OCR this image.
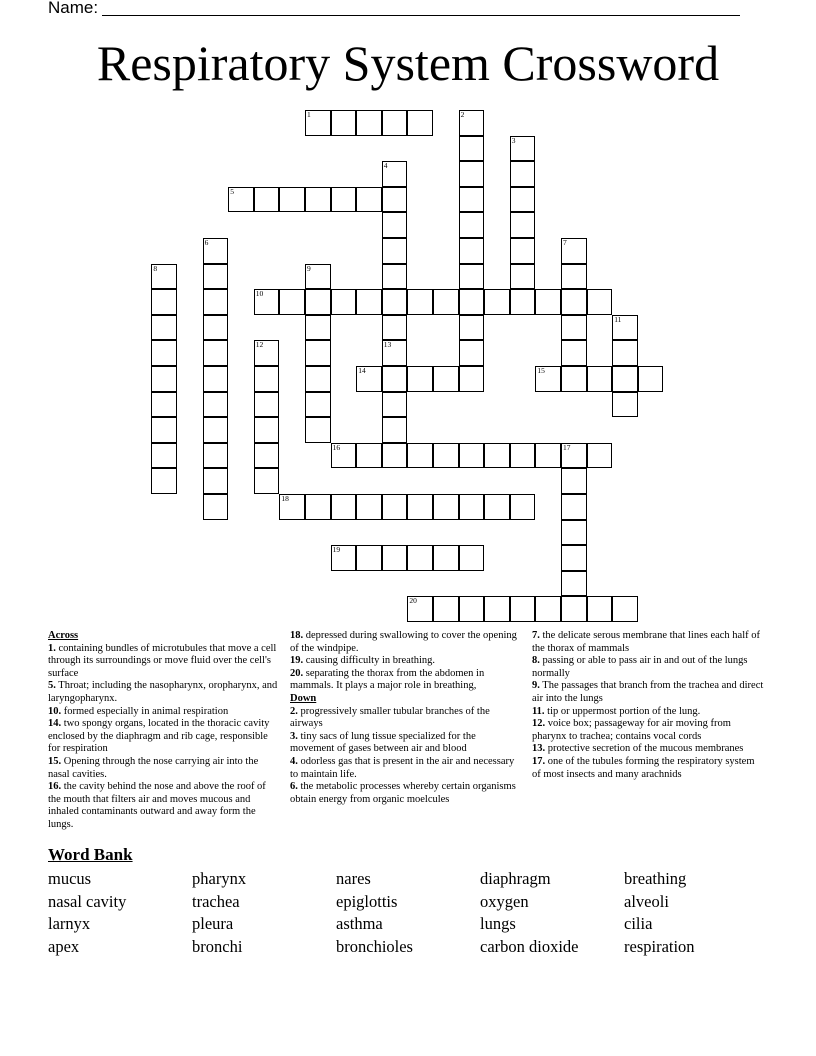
Name:
Respiratory System Crossword
1	2
3
4
13
5
6	7
8	9
10
11
12
14	15
16	17
18
19
20

Across

1. containing bundles of microtubules that move a cell through its surroundings or move fluid over the cell's surface

5. Throat; including the nasopharynx, oropharynx, and laryngopharynx.

10. formed especially in animal respiration

14. two spongy organs, located in the thoracic cavity enclosed by the diaphragm and rib cage, responsible for respiration

15. Opening through the nose carrying air into the nasal cavities.

16. the cavity behind the nose and above the roof of the mouth that filters air and moves mucous and inhaled contaminants outward and away form the lungs.

18. depressed during swallowing to cover the opening of the windpipe.

19. causing difficulty in breathing.

20. separating the thorax from the abdomen in mammals. It plays a major role in breathing,

Down

2. progressively smaller tubular branches of the airways

3. tiny sacs of lung tissue specialized for the movement of gases between air and blood

4. odorless gas that is present in the air and necessary to maintain life.

6. the metabolic processes whereby certain organisms obtain energy from organic moelcules

7. the delicate serous membrane that lines each half of the thorax of mammals

8. passing or able to pass air in and out of the lungs normally

9. The passages that branch from the trachea and direct air into the lungs

11. tip or uppermost portion of the lung.

12. voice box; passageway for air moving from pharynx to trachea; contains vocal cords

13. protective secretion of the mucous membranes

17. one of the tubules forming the respiratory system of most insects and many arachnids

Word Bank
mucus	pharynx	nares	diaphragm	breathing
nasal cavity	trachea	epiglottis	oxygen	alveoli
larnyx	pleura	asthma	lungs	cilia
apex	bronchi	bronchioles	carbon dioxide	respiration
